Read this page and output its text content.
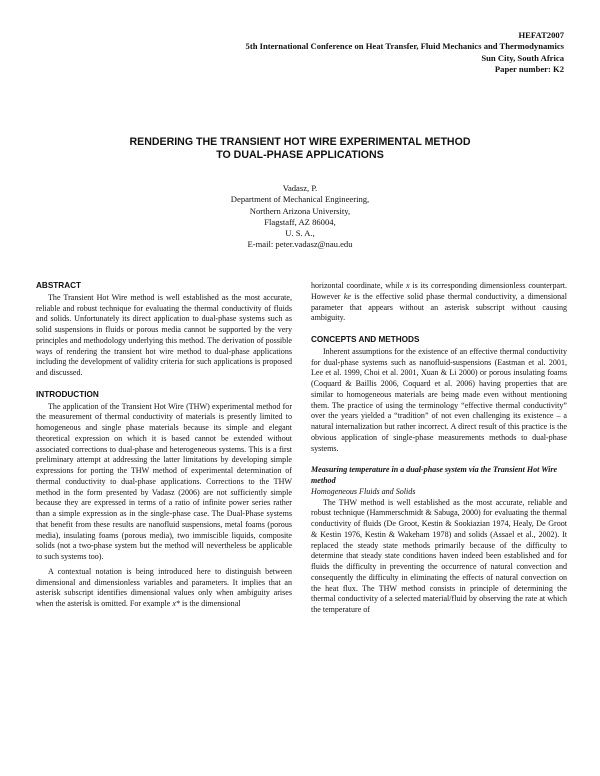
HEFAT2007
5th International Conference on Heat Transfer, Fluid Mechanics and Thermodynamics
Sun City, South Africa
Paper number: K2
RENDERING THE TRANSIENT HOT WIRE EXPERIMENTAL METHOD
TO DUAL-PHASE APPLICATIONS
Vadasz, P.
Department of Mechanical Engineering,
Northern Arizona University,
Flagstaff, AZ 86004,
U. S. A.,
E-mail: peter.vadasz@nau.edu
ABSTRACT

The Transient Hot Wire method is well established as the most accurate, reliable and robust technique for evaluating the thermal conductivity of fluids and solids. Unfortunately its direct application to dual-phase systems such as solid suspensions in fluids or porous media cannot be supported by the very principles and methodology underlying this method. The derivation of possible ways of rendering the transient hot wire method to dual-phase applications including the development of validity criteria for such applications is proposed and discussed.

INTRODUCTION

The application of the Transient Hot Wire (THW) experimental method for the measurement of thermal conductivity of materials is presently limited to homogeneous and single phase materials because its simple and elegant theoretical expression on which it is based cannot be extended without associated corrections to dual-phase and heterogeneous systems. This is a first preliminary attempt at addressing the latter limitations by developing simple expressions for porting the THW method of experimental determination of thermal conductivity to dual-phase applications. Corrections to the THW method in the form presented by Vadasz (2006) are not sufficiently simple because they are expressed in terms of a ratio of infinite power series rather than a simple expression as in the single-phase case. The Dual-Phase systems that benefit from these results are nanofluid suspensions, metal foams (porous media), insulating foams (porous media), two immiscible liquids, composite solids (not a two-phase system but the method will nevertheless be applicable to such systems too).

A contextual notation is being introduced here to distinguish between dimensional and dimensionless variables and parameters. It implies that an asterisk subscript identifies dimensional values only when ambiguity arises when the asterisk is omitted. For example x* is the dimensional

horizontal coordinate, while x is its corresponding dimensionless counterpart. However ke is the effective solid phase thermal conductivity, a dimensional parameter that appears without an asterisk subscript without causing ambiguity.

CONCEPTS AND METHODS

Inherent assumptions for the existence of an effective thermal conductivity for dual-phase systems such as nanofluid-suspensions (Eastman et al. 2001, Lee et al. 1999, Choi et al. 2001, Xuan & Li 2000) or porous insulating foams (Coquard & Baillis 2006, Coquard et al. 2006) having properties that are similar to homogeneous materials are being made even without mentioning them. The practice of using the terminology “effective thermal conductivity” over the years yielded a “tradition” of not even challenging its existence – a natural internalization but rather incorrect. A direct result of this practice is the obvious application of single-phase measurements methods to dual-phase systems.

Measuring temperature in a dual-phase system via the Transient Hot Wire method
Homogeneous Fluids and Solids

The THW method is well established as the most accurate, reliable and robust technique (Hammerschmidt & Sabuga, 2000) for evaluating the thermal conductivity of fluids (De Groot, Kestin & Sookiazian 1974, Healy, De Groot & Kestin 1976, Kestin & Wakeham 1978) and solids (Assael et al., 2002). It replaced the steady state methods primarily because of the difficulty to determine that steady state conditions haven indeed been established and for fluids the difficulty in preventing the occurrence of natural convection and consequently the difficulty in eliminating the effects of natural convection on the heat flux. The THW method consists in principle of determining the thermal conductivity of a selected material/fluid by observing the rate at which the temperature of
